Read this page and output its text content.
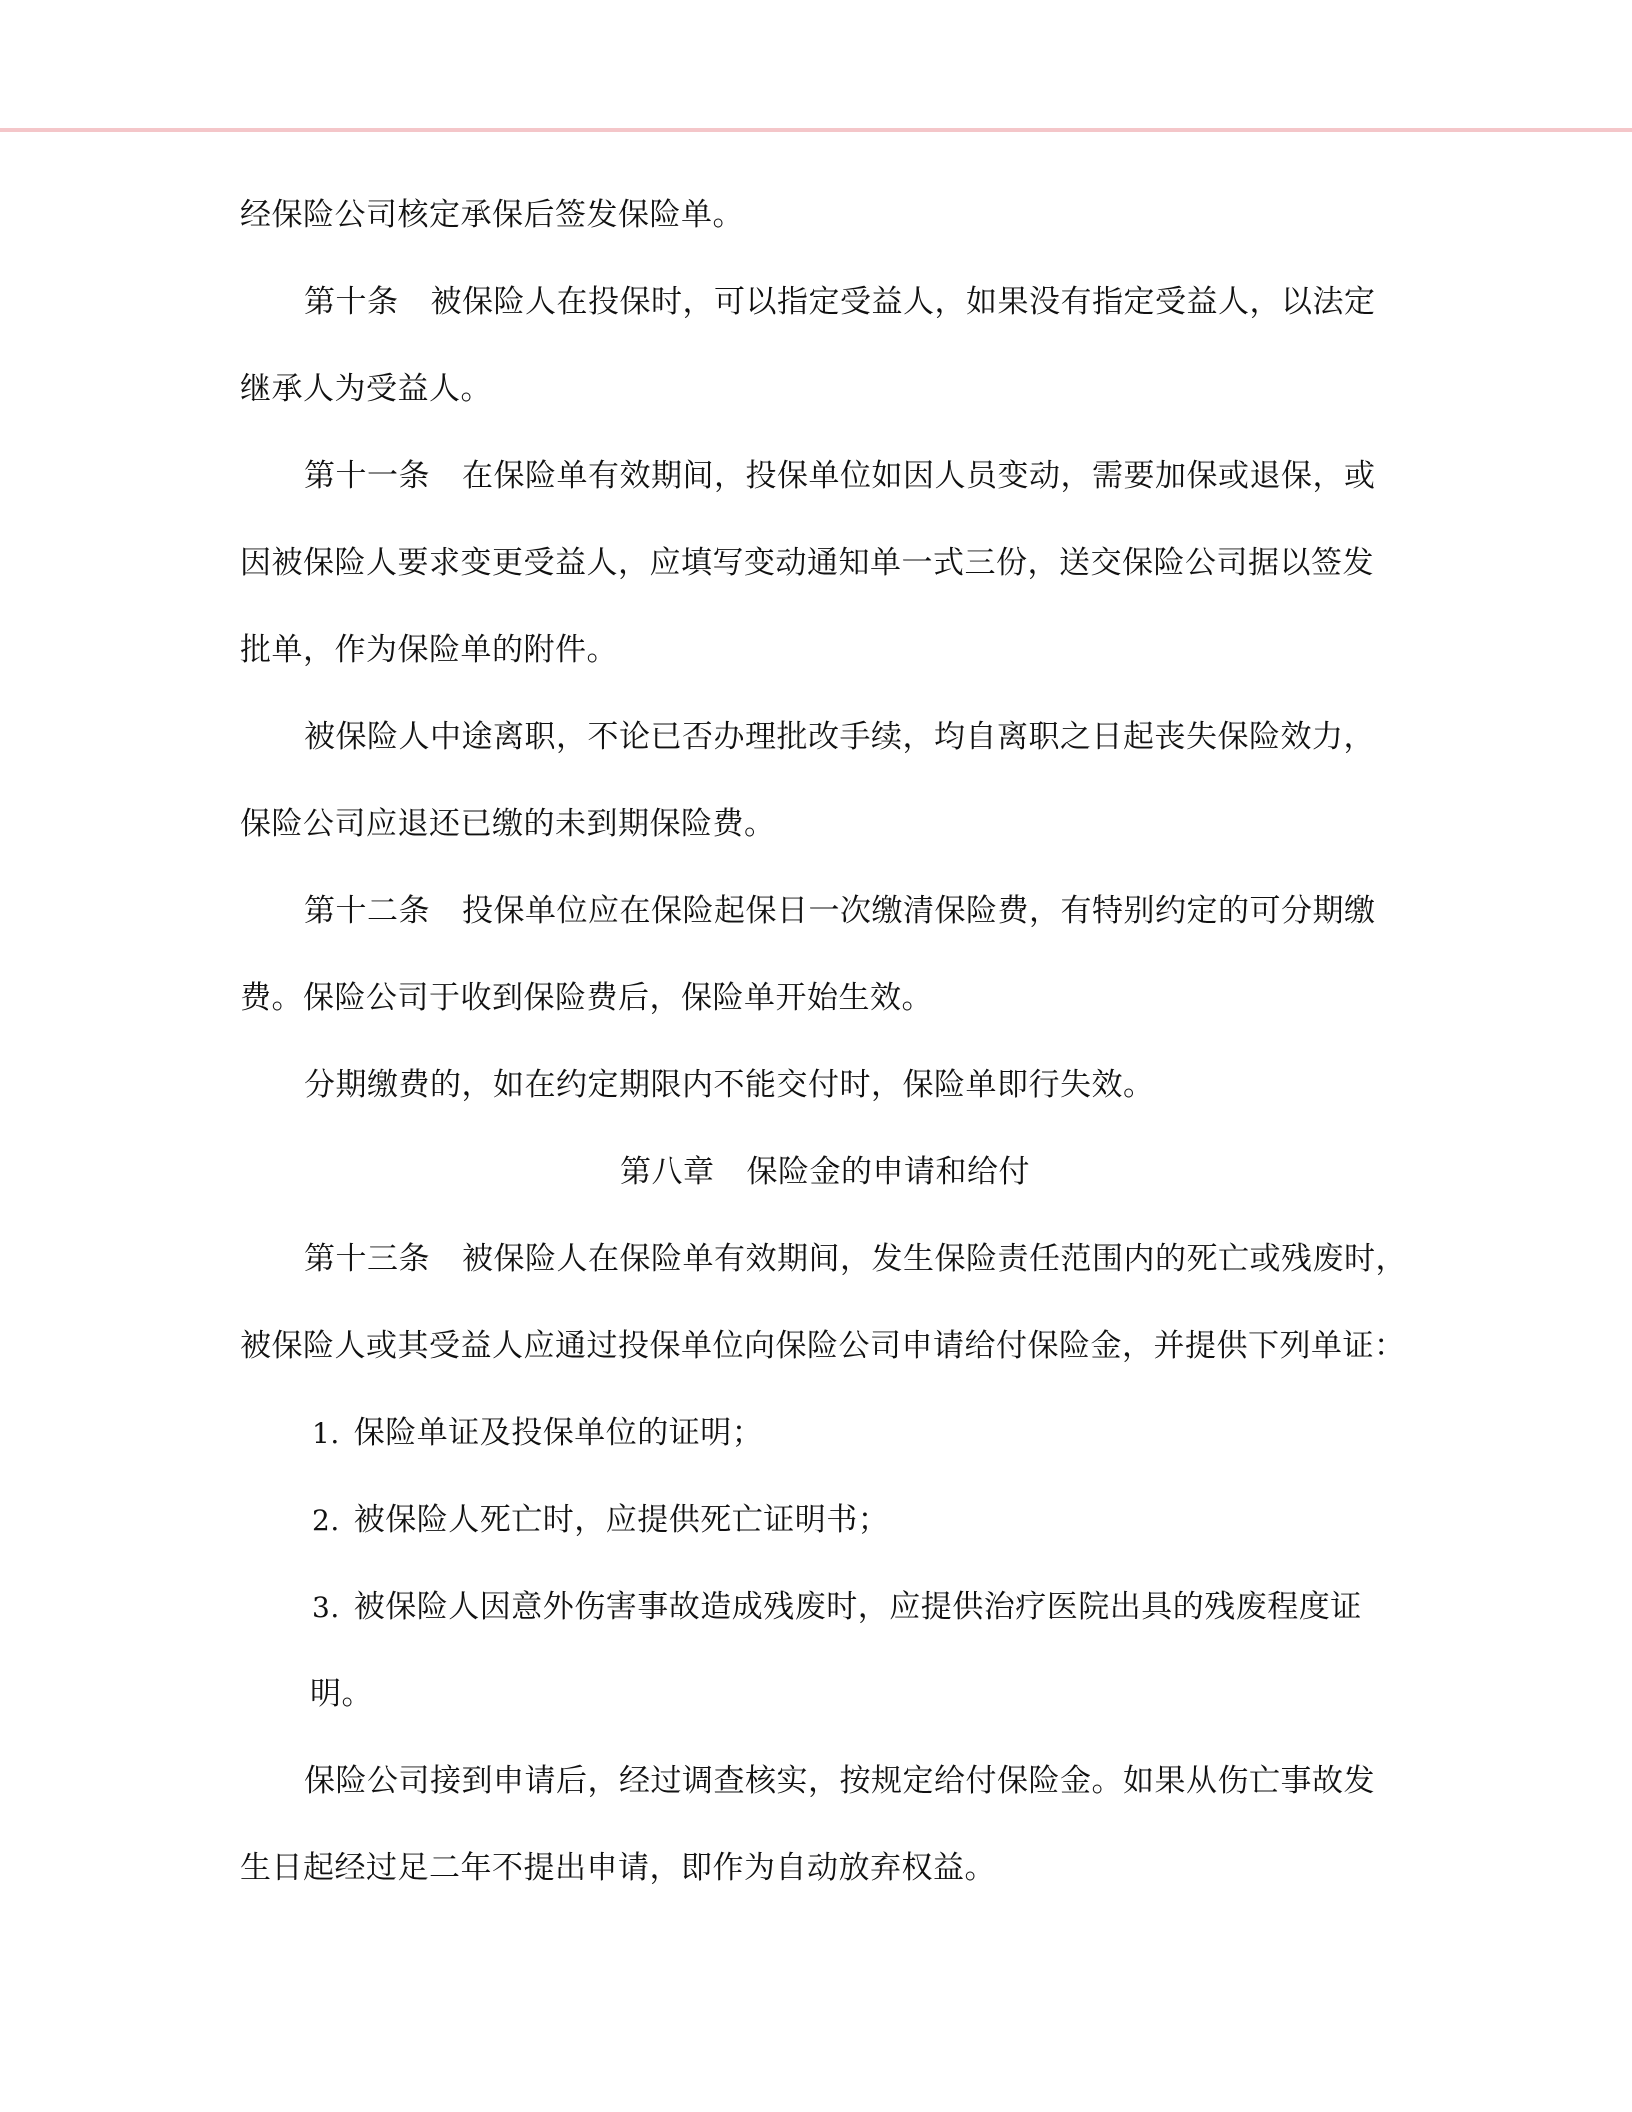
经保险公司核定承保后签发保险单。
第十条 被保险人在投保时，可以指定受益人，如果没有指定受益人，以法定
继承人为受益人。
第十一条 在保险单有效期间，投保单位如因人员变动，需要加保或退保，或
因被保险人要求变更受益人，应填写变动通知单一式三份，送交保险公司据以签发
批单，作为保险单的附件。
被保险人中途离职，不论已否办理批改手续，均自离职之日起丧失保险效力，
保险公司应退还已缴的未到期保险费。
第十二条 投保单位应在保险起保日一次缴清保险费，有特别约定的可分期缴
费。保险公司于收到保险费后，保险单开始生效。
分期缴费的，如在约定期限内不能交付时，保险单即行失效。
第八章 保险金的申请和给付
第十三条 被保险人在保险单有效期间，发生保险责任范围内的死亡或残废时，
被保险人或其受益人应通过投保单位向保险公司申请给付保险金，并提供下列单证：
1. 保险单证及投保单位的证明；
2. 被保险人死亡时，应提供死亡证明书；
3. 被保险人因意外伤害事故造成残废时，应提供治疗医院出具的残废程度证
明。
保险公司接到申请后，经过调查核实，按规定给付保险金。如果从伤亡事故发
生日起经过足二年不提出申请，即作为自动放弃权益。
